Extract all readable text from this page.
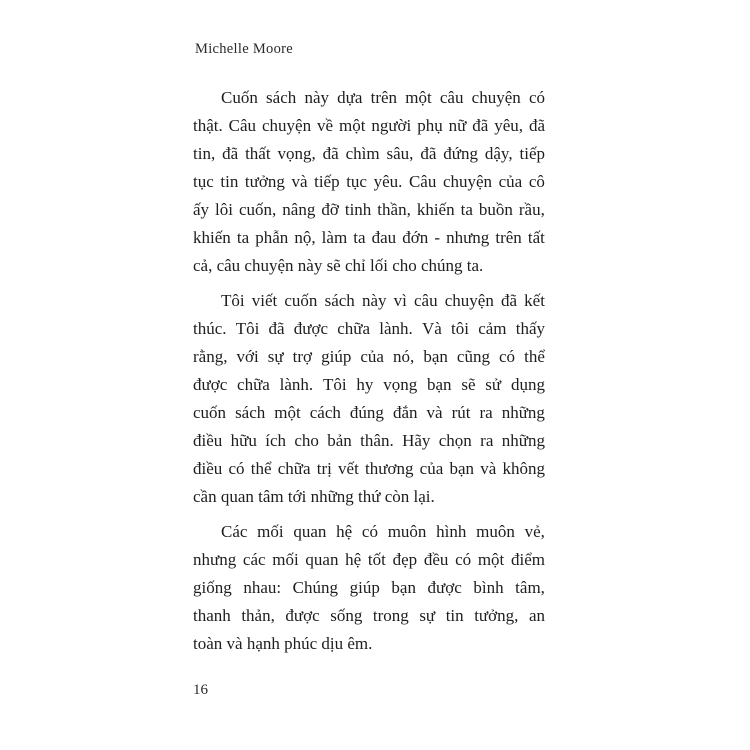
Michelle Moore
Cuốn sách này dựa trên một câu chuyện có
thật. Câu chuyện về một người phụ nữ đã yêu, đã
tin, đã thất vọng, đã chìm sâu, đã đứng dậy, tiếp
tục tin tưởng và tiếp tục yêu. Câu chuyện của cô
ấy lôi cuốn, nâng đỡ tinh thần, khiến ta buồn rầu,
khiến ta phẫn nộ, làm ta đau đớn - nhưng trên tất
cả, câu chuyện này sẽ chỉ lối cho chúng ta.
Tôi viết cuốn sách này vì câu chuyện đã kết
thúc. Tôi đã được chữa lành. Và tôi cảm thấy
rằng, với sự trợ giúp của nó, bạn cũng có thể
được chữa lành. Tôi hy vọng bạn sẽ sử dụng
cuốn sách một cách đúng đắn và rút ra những
điều hữu ích cho bản thân. Hãy chọn ra những
điều có thể chữa trị vết thương của bạn và không
cần quan tâm tới những thứ còn lại.
Các mối quan hệ có muôn hình muôn vẻ,
nhưng các mối quan hệ tốt đẹp đều có một điểm
giống nhau: Chúng giúp bạn được bình tâm,
thanh thản, được sống trong sự tin tưởng, an
toàn và hạnh phúc dịu êm.
16
